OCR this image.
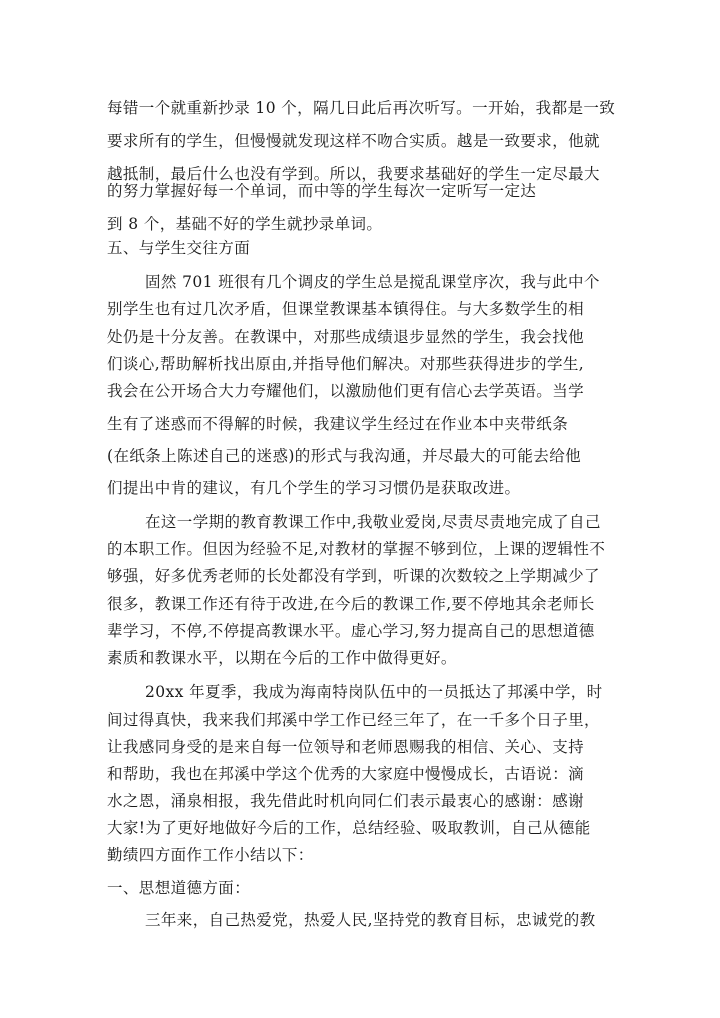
每错一个就重新抄录 10 个，隔几日此后再次听写。一开始，我都是一致
要求所有的学生，但慢慢就发现这样不吻合实质。越是一致要求，他就
越抵制，最后什么也没有学到。所以，我要求基础好的学生一定尽最大
的努力掌握好每一个单词，而中等的学生每次一定听写一定达
到 8 个，基础不好的学生就抄录单词。
五、与学生交往方面
固然 701 班很有几个调皮的学生总是搅乱课堂序次，我与此中个
别学生也有过几次矛盾，但课堂教课基本镇得住。与大多数学生的相
处仍是十分友善。在教课中，对那些成绩退步显然的学生，我会找他
们谈心,帮助解析找出原由,并指导他们解决。对那些获得进步的学生,
我会在公开场合大力夸耀他们，以激励他们更有信心去学英语。当学
生有了迷惑而不得解的时候，我建议学生经过在作业本中夹带纸条
(在纸条上陈述自己的迷惑)的形式与我沟通，并尽最大的可能去给他
们提出中肯的建议，有几个学生的学习习惯仍是获取改进。
在这一学期的教育教课工作中,我敬业爱岗,尽责尽责地完成了自己
的本职工作。但因为经验不足,对教材的掌握不够到位，上课的逻辑性不
够强，好多优秀老师的长处都没有学到，听课的次数较之上学期减少了
很多，教课工作还有待于改进,在今后的教课工作,要不停地其余老师长
辈学习，不停,不停提高教课水平。虚心学习,努力提高自己的思想道德
素质和教课水平，以期在今后的工作中做得更好。
20xx 年夏季，我成为海南特岗队伍中的一员抵达了邦溪中学，时
间过得真快，我来我们邦溪中学工作已经三年了，在一千多个日子里，
让我感同身受的是来自每一位领导和老师恩赐我的相信、关心、支持
和帮助，我也在邦溪中学这个优秀的大家庭中慢慢成长，古语说：滴
水之恩，涌泉相报，我先借此时机向同仁们表示最衷心的感谢：感谢
大家!为了更好地做好今后的工作，总结经验、吸取教训，自己从德能
勤绩四方面作工作小结以下：
一、思想道德方面：
三年来，自己热爱党，热爱人民,坚持党的教育目标，忠诚党的教
